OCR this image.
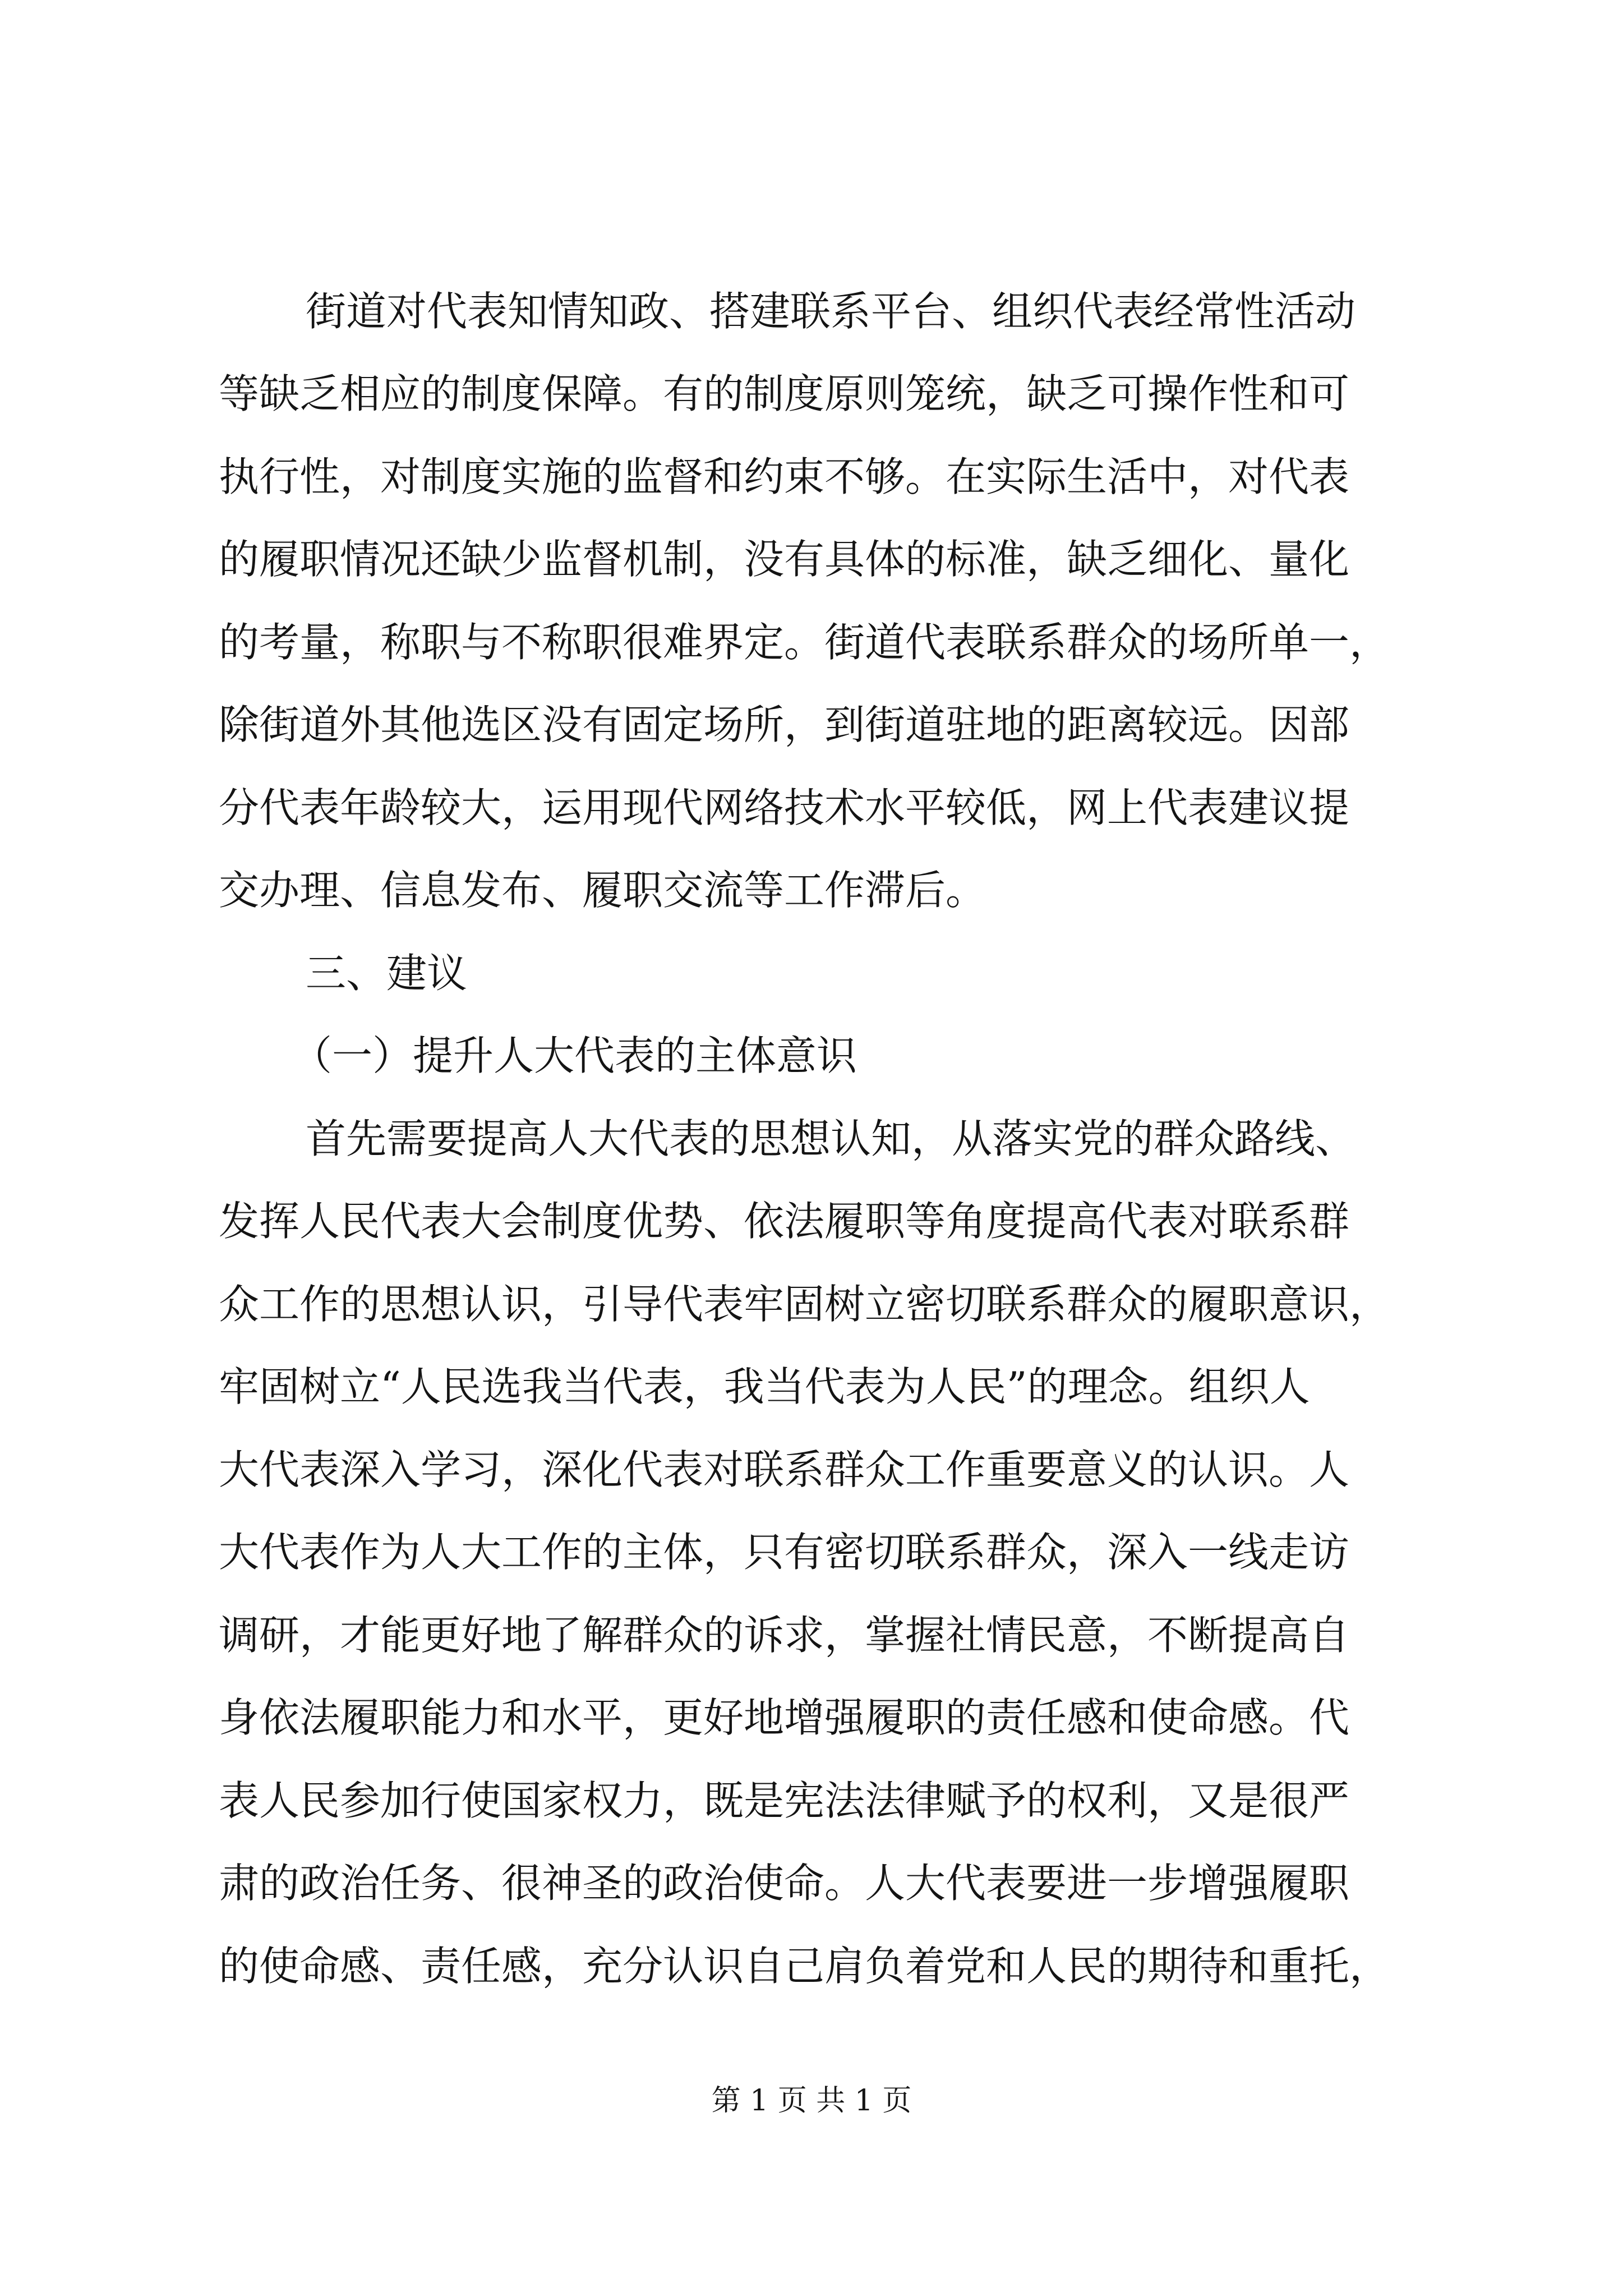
街道对代表知情知政、搭建联系平台、组织代表经常性活动
等缺乏相应的制度保障。有的制度原则笼统，缺乏可操作性和可
执行性，对制度实施的监督和约束不够。在实际生活中，对代表
的履职情况还缺少监督机制，没有具体的标准，缺乏细化、量化
的考量，称职与不称职很难界定。街道代表联系群众的场所单一，
除街道外其他选区没有固定场所，到街道驻地的距离较远。因部
分代表年龄较大，运用现代网络技术水平较低，网上代表建议提
交办理、信息发布、履职交流等工作滞后。
三、建议
（一）提升人大代表的主体意识
首先需要提高人大代表的思想认知，从落实党的群众路线、
发挥人民代表大会制度优势、依法履职等角度提高代表对联系群
众工作的思想认识，引导代表牢固树立密切联系群众的履职意识，
牢固树立“人民选我当代表，我当代表为人民”的理念。组织人
大代表深入学习，深化代表对联系群众工作重要意义的认识。人
大代表作为人大工作的主体，只有密切联系群众，深入一线走访
调研，才能更好地了解群众的诉求，掌握社情民意，不断提高自
身依法履职能力和水平，更好地增强履职的责任感和使命感。代
表人民参加行使国家权力，既是宪法法律赋予的权利，又是很严
肃的政治任务、很神圣的政治使命。人大代表要进一步增强履职
的使命感、责任感，充分认识自己肩负着党和人民的期待和重托，
第 1 页 共 1 页
